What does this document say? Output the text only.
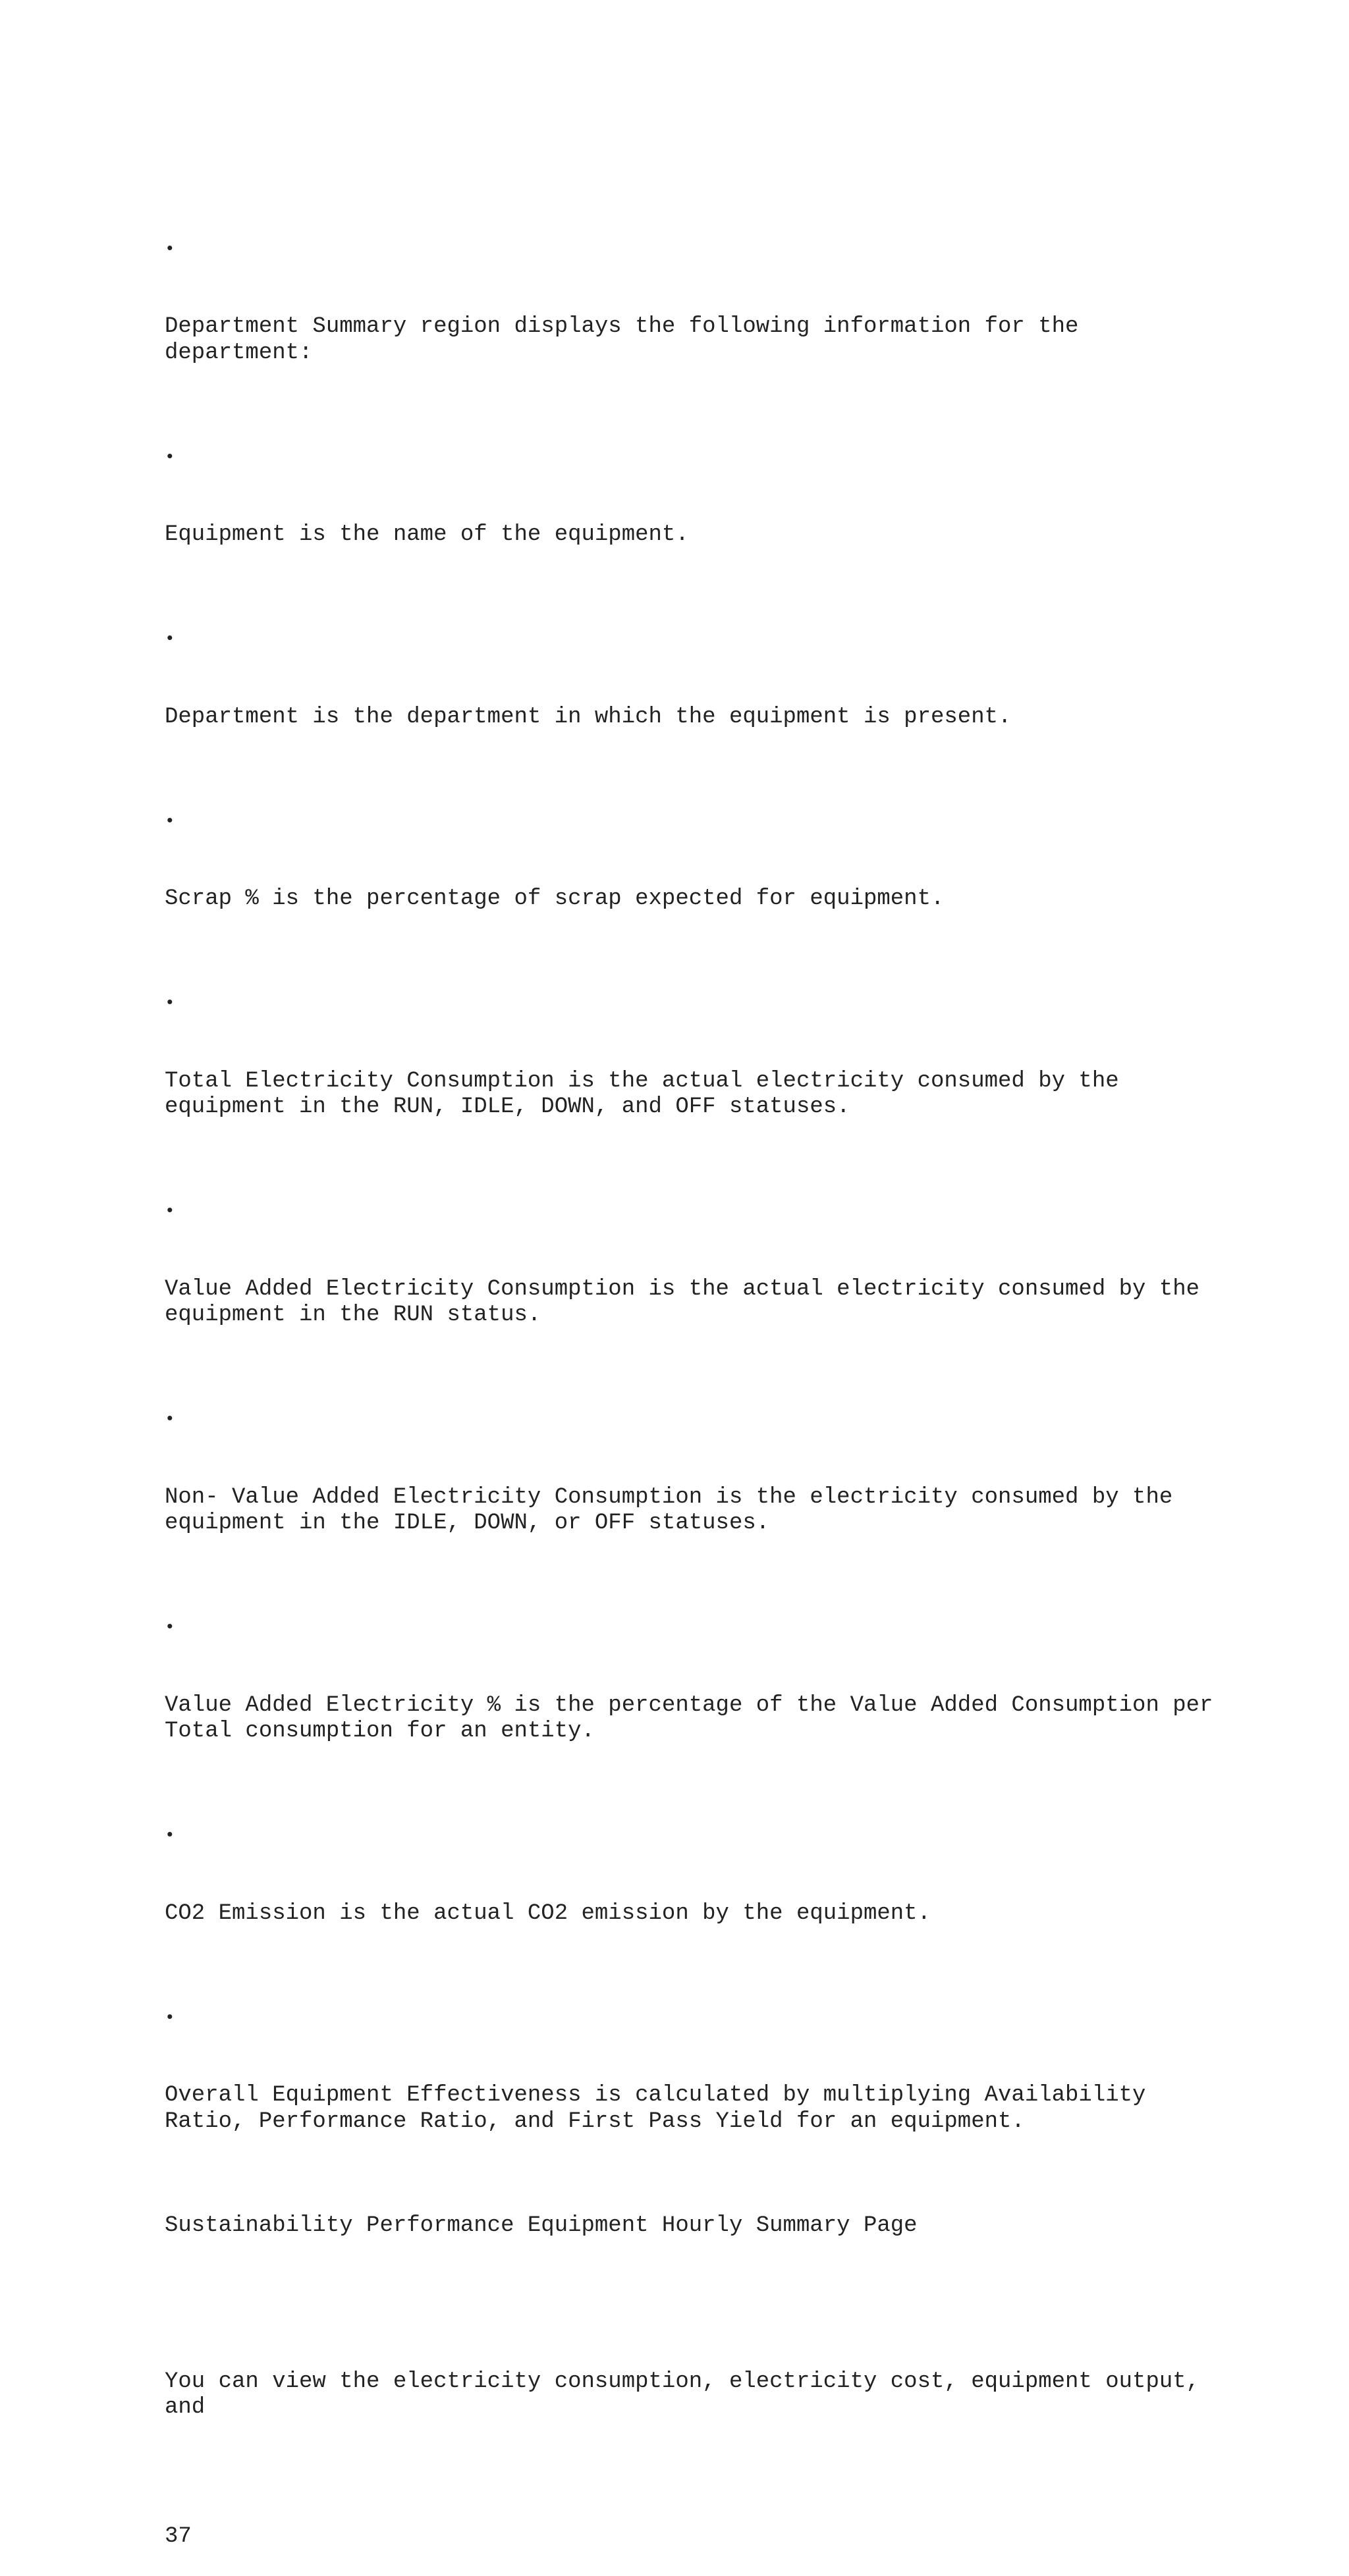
•

Department Summary region displays the following information for the department:

•

Equipment is the name of the equipment.

•

Department is the department in which the equipment is present.

•

Scrap % is the percentage of scrap expected for equipment.

•

Total Electricity Consumption is the actual electricity consumed by the equipment in the RUN, IDLE, DOWN, and OFF statuses.

•

Value Added Electricity Consumption is the actual electricity consumed by the equipment in the RUN status.

•

Non- Value Added Electricity Consumption is the electricity consumed by the equipment in the IDLE, DOWN, or OFF statuses.

•

Value Added Electricity % is the percentage of the Value Added Consumption per Total consumption for an entity.

•

CO2 Emission is the actual CO2 emission by the equipment.

•

Overall Equipment Effectiveness is calculated by multiplying Availability Ratio, Performance Ratio, and First Pass Yield for an equipment.

Sustainability Performance Equipment Hourly Summary Page

You can view the electricity consumption, electricity cost, equipment output, and

37
